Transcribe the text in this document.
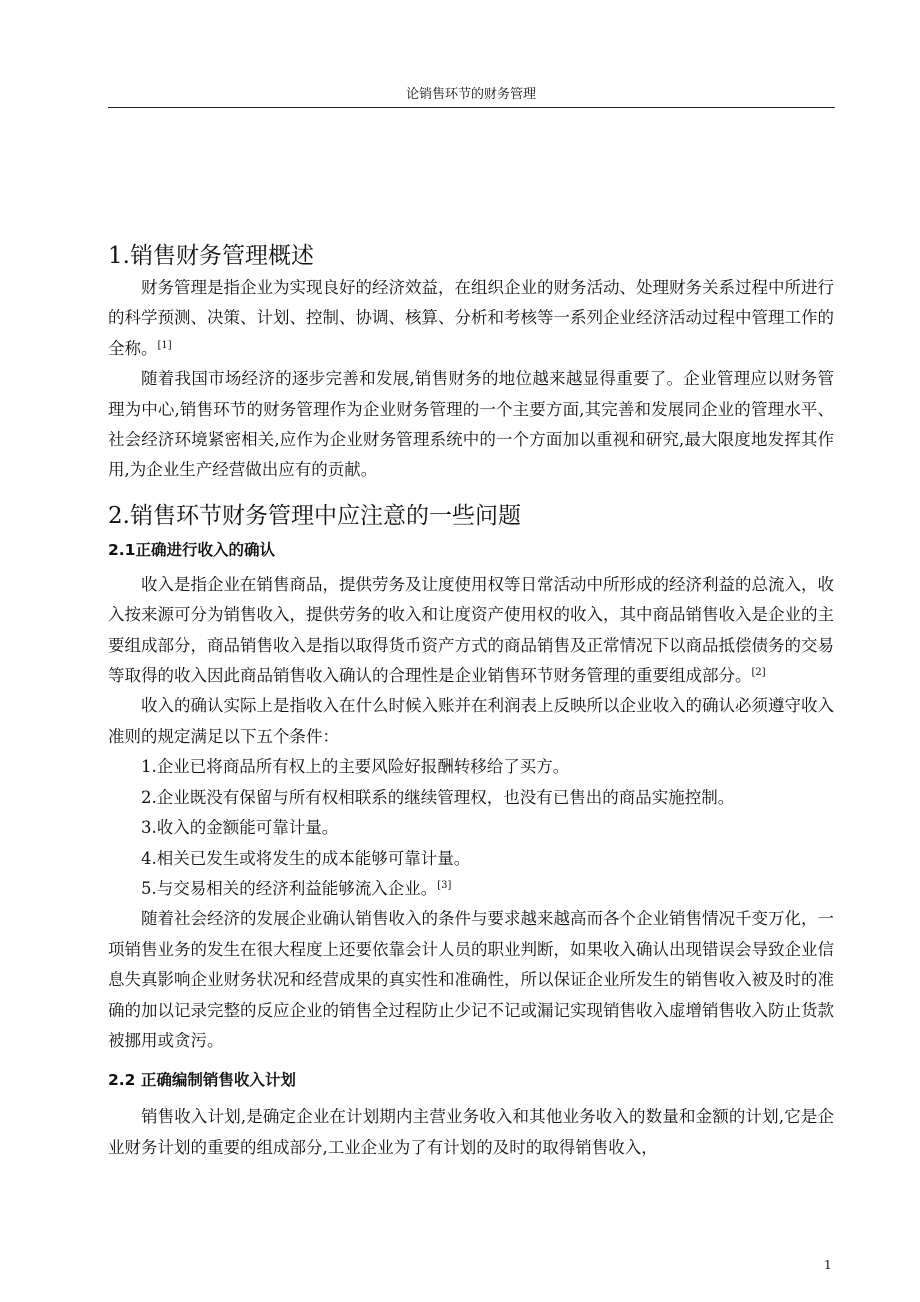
论销售环节的财务管理
1.销售财务管理概述

财务管理是指企业为实现良好的经济效益，在组织企业的财务活动、处理财务关系过程中所进行的科学预测、决策、计划、控制、协调、核算、分析和考核等一系列企业经济活动过程中管理工作的全称。[1]

随着我国市场经济的逐步完善和发展,销售财务的地位越来越显得重要了。企业管理应以财务管理为中心,销售环节的财务管理作为企业财务管理的一个主要方面,其完善和发展同企业的管理水平、社会经济环境紧密相关,应作为企业财务管理系统中的一个方面加以重视和研究,最大限度地发挥其作用,为企业生产经营做出应有的贡献。

2.销售环节财务管理中应注意的一些问题
2.1正确进行收入的确认

收入是指企业在销售商品，提供劳务及让度使用权等日常活动中所形成的经济利益的总流入，收入按来源可分为销售收入，提供劳务的收入和让度资产使用权的收入，其中商品销售收入是企业的主要组成部分，商品销售收入是指以取得货币资产方式的商品销售及正常情况下以商品抵偿债务的交易等取得的收入因此商品销售收入确认的合理性是企业销售环节财务管理的重要组成部分。[2]

收入的确认实际上是指收入在什么时候入账并在利润表上反映所以企业收入的确认必须遵守收入准则的规定满足以下五个条件：

1.企业已将商品所有权上的主要风险好报酬转移给了买方。

2.企业既没有保留与所有权相联系的继续管理权，也没有已售出的商品实施控制。

3.收入的金额能可靠计量。

4.相关已发生或将发生的成本能够可靠计量。

5.与交易相关的经济利益能够流入企业。[3]

随着社会经济的发展企业确认销售收入的条件与要求越来越高而各个企业销售情况千变万化，一项销售业务的发生在很大程度上还要依靠会计人员的职业判断，如果收入确认出现错误会导致企业信息失真影响企业财务状况和经营成果的真实性和准确性，所以保证企业所发生的销售收入被及时的准确的加以记录完整的反应企业的销售全过程防止少记不记或漏记实现销售收入虚增销售收入防止货款被挪用或贪污。

2.2 正确编制销售收入计划

销售收入计划,是确定企业在计划期内主营业务收入和其他业务收入的数量和金额的计划,它是企业财务计划的重要的组成部分,工业企业为了有计划的及时的取得销售收入，

1
